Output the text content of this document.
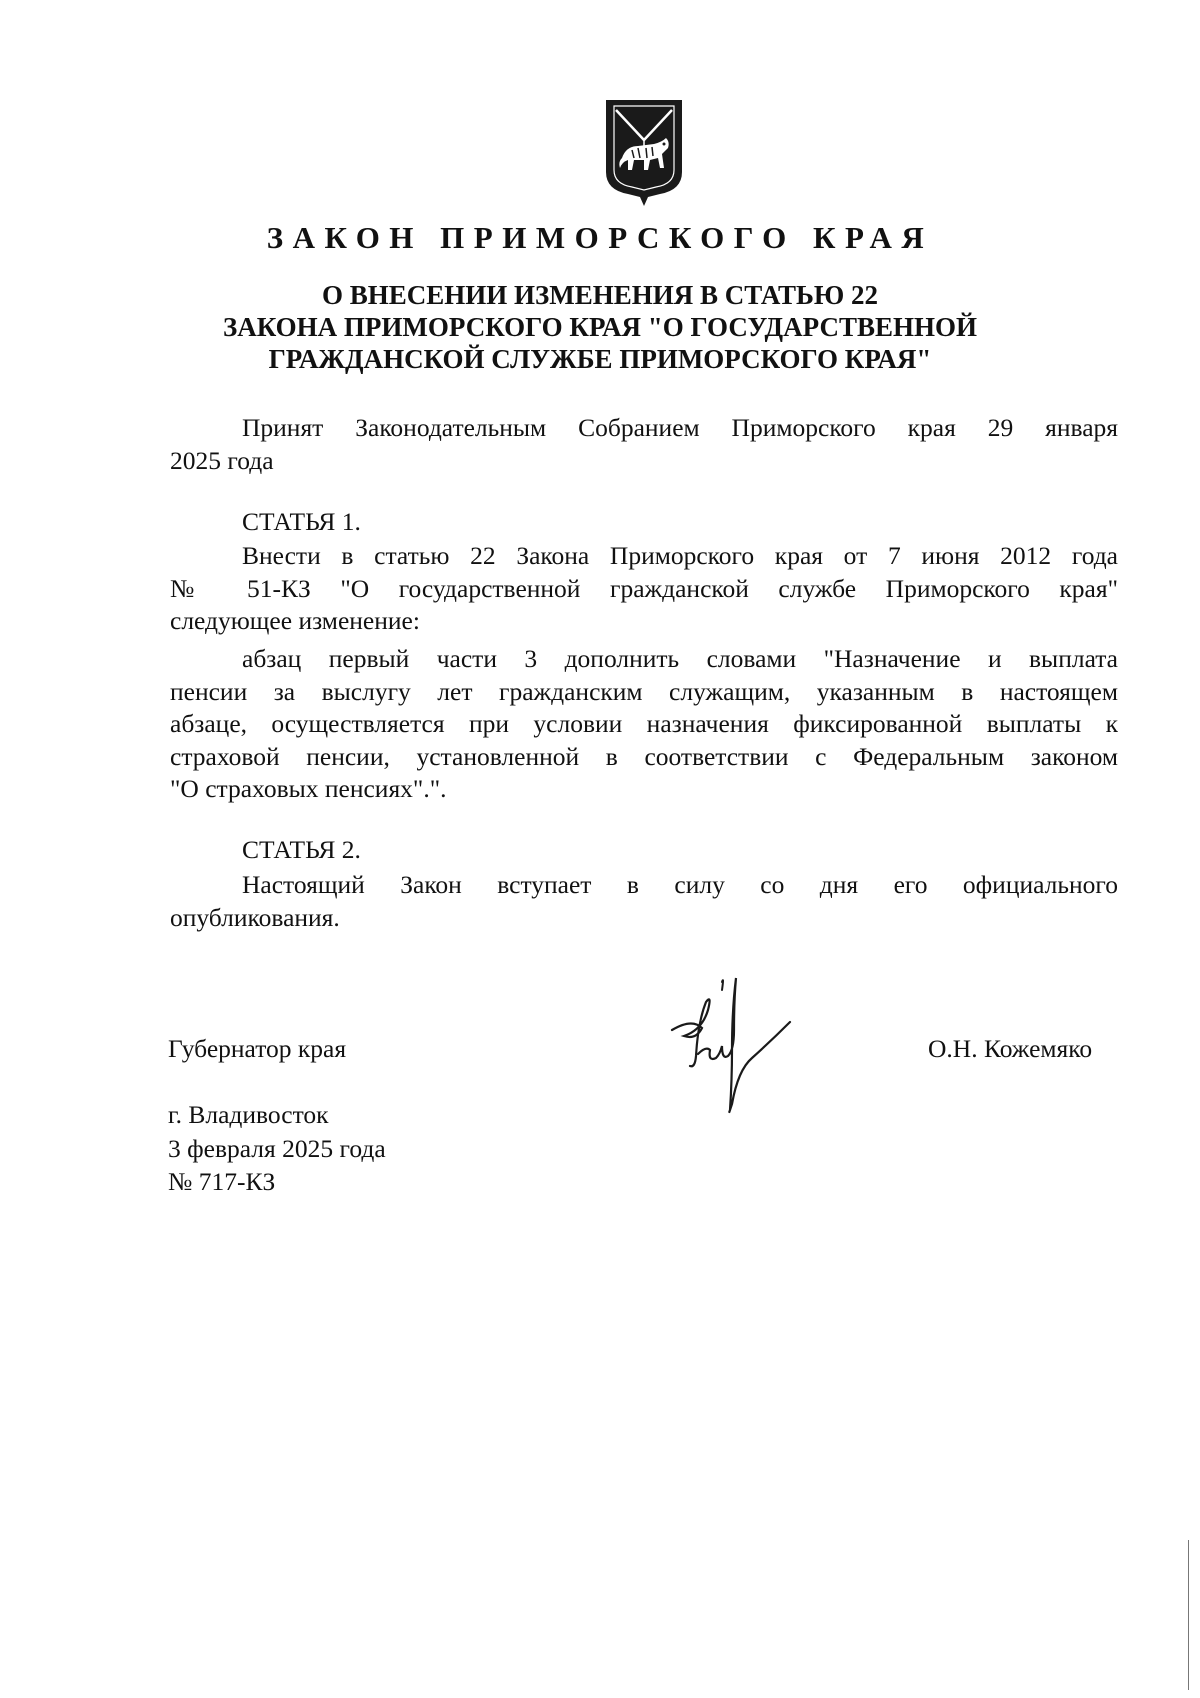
ЗАКОН ПРИМОРСКОГО КРАЯ
О ВНЕСЕНИИ ИЗМЕНЕНИЯ В СТАТЬЮ 22
ЗАКОНА ПРИМОРСКОГО КРАЯ "О ГОСУДАРСТВЕННОЙ
ГРАЖДАНСКОЙ СЛУЖБЕ ПРИМОРСКОГО КРАЯ"
Принят Законодательным Собранием Приморского края 29 января
2025 года
СТАТЬЯ 1.
Внести в статью 22 Закона Приморского края от 7 июня 2012 года
№ 51-КЗ "О государственной гражданской службе Приморского края"
следующее изменение:
абзац первый части 3 дополнить словами "Назначение и выплата
пенсии за выслугу лет гражданским служащим, указанным в настоящем
абзаце, осуществляется при условии назначения фиксированной выплаты к
страховой пенсии, установленной в соответствии с Федеральным законом
"О страховых пенсиях".".
СТАТЬЯ 2.
Настоящий Закон вступает в силу со дня его официального
опубликования.
Губернатор края	О.Н. Кожемяко
г. Владивосток
3 февраля 2025 года
№ 717-КЗ
